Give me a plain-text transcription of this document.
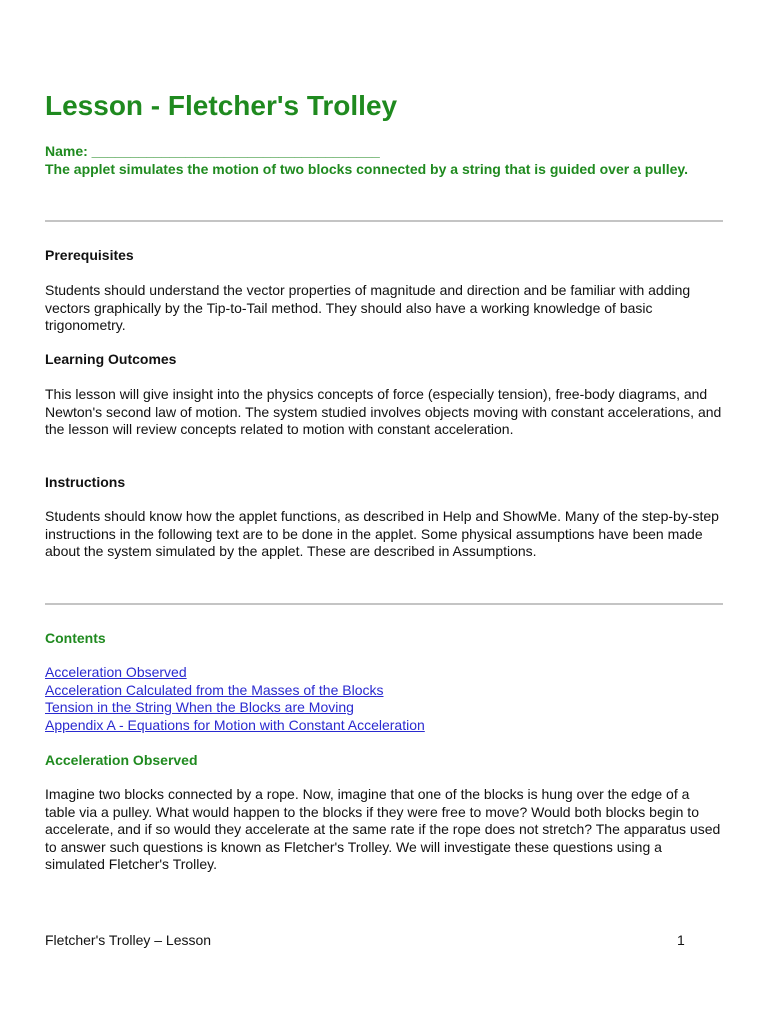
Lesson - Fletcher's Trolley

Name: _____________________________________

The applet simulates the motion of two blocks connected by a string that is guided over a pulley.

Prerequisites

Students should understand the vector properties of magnitude and direction and be familiar with adding vectors graphically by the Tip-to-Tail method. They should also have a working knowledge of basic trigonometry.

Learning Outcomes

This lesson will give insight into the physics concepts of force (especially tension), free-body diagrams, and Newton's second law of motion. The system studied involves objects moving with constant accelerations, and the lesson will review concepts related to motion with constant acceleration.

Instructions

Students should know how the applet functions, as described in Help and ShowMe. Many of the step-by-step instructions in the following text are to be done in the applet. Some physical assumptions have been made about the system simulated by the applet. These are described in Assumptions.

Contents
Acceleration Observed
Acceleration Calculated from the Masses of the Blocks
Tension in the String When the Blocks are Moving
Appendix A - Equations for Motion with Constant Acceleration
Acceleration Observed

Imagine two blocks connected by a rope. Now, imagine that one of the blocks is hung over the edge of a table via a pulley. What would happen to the blocks if they were free to move? Would both blocks begin to accelerate, and if so would they accelerate at the same rate if the rope does not stretch? The apparatus used to answer such questions is known as Fletcher's Trolley. We will investigate these questions using a simulated Fletcher's Trolley.

Fletcher's Trolley – Lesson	1
